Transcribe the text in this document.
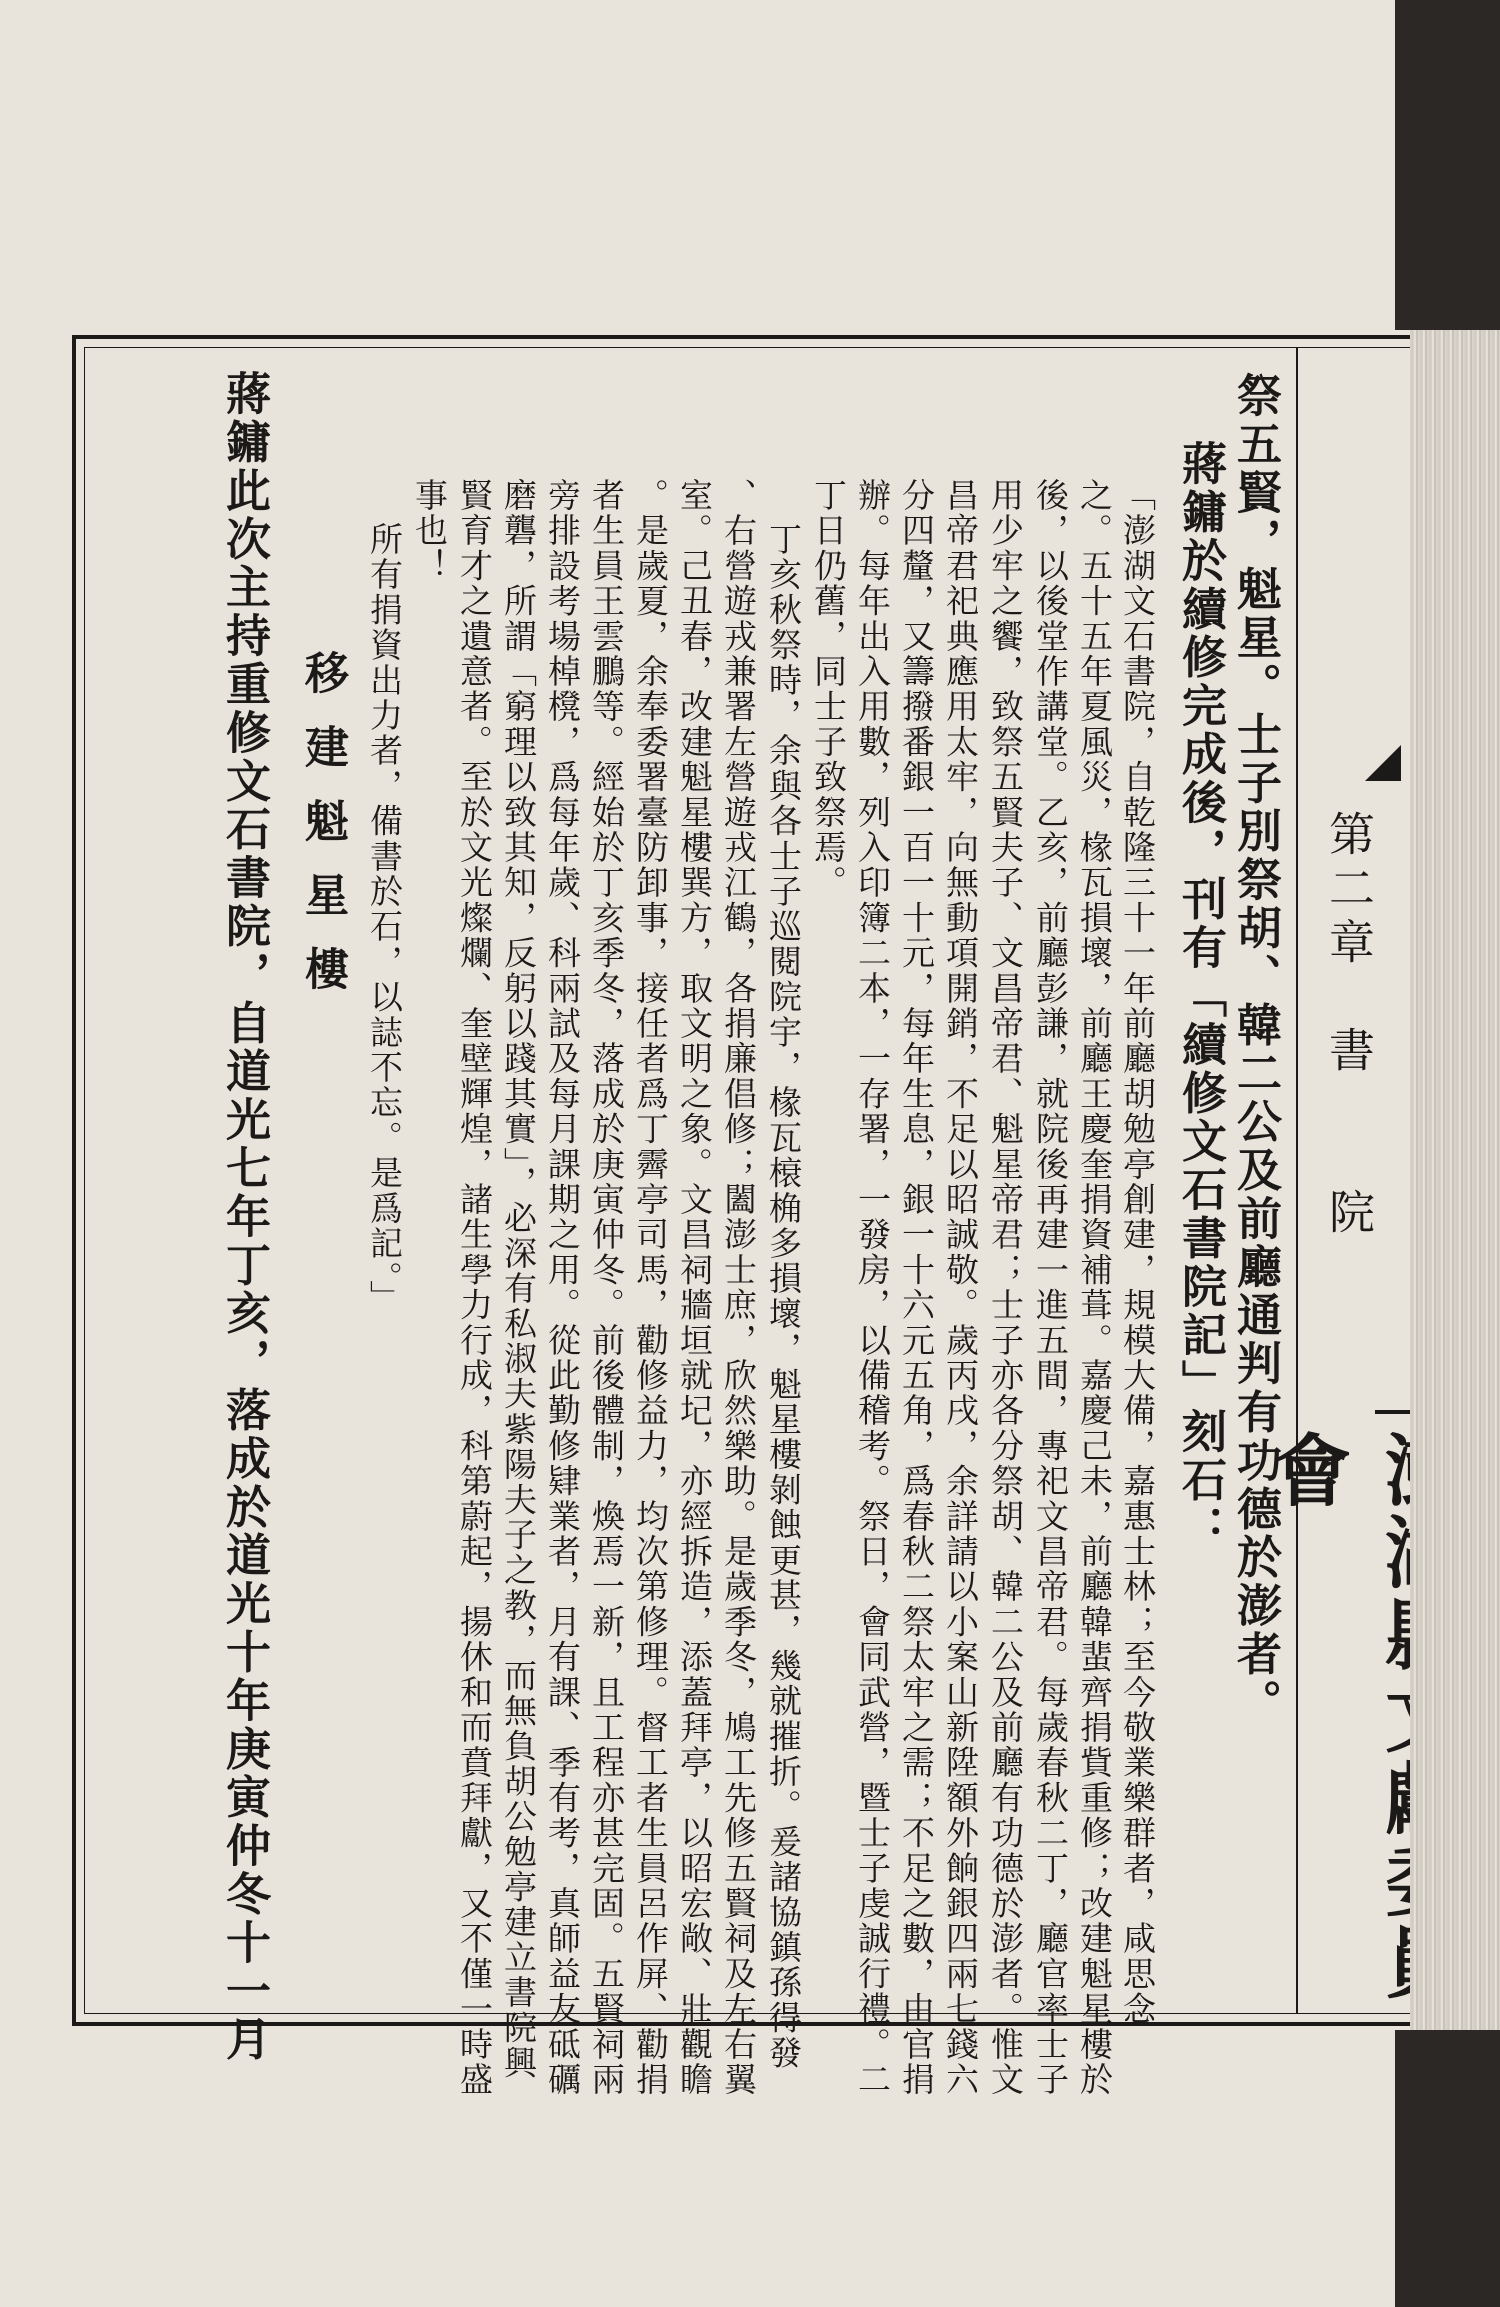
第二章　書　　院
會
祭五賢，魁星。士子別祭胡、韓二公及前廳通判有功德於澎者。
蔣鏞於續修完成後，刊有「續修文石書院記」刻石：
「澎湖文石書院，自乾隆三十一年前廳胡勉亭創建，規模大備，嘉惠士林；至今敬業樂群者，咸思念
之。五十五年夏風災，椽瓦損壞，前廳王慶奎捐資補葺。嘉慶己未，前廳韓蜚齊捐貲重修；改建魁星樓於
後，以後堂作講堂。乙亥，前廳彭謙，就院後再建一進五間，專祀文昌帝君。每歲春秋二丁，廳官率士子
用少牢之饗，致祭五賢夫子、文昌帝君、魁星帝君；士子亦各分祭胡、韓二公及前廳有功德於澎者。惟文
昌帝君祀典應用太牢，向無動項開銷，不足以昭誠敬。歲丙戌，余詳請以小案山新陞額外餉銀四兩七錢六
分四釐，又籌撥番銀一百一十元，每年生息，銀一十六元五角，爲春秋二祭太牢之需；不足之數，由官捐
辦。每年出入用數，列入印簿二本，一存署，一發房，以備稽考。祭日，會同武營，暨士子虔誠行禮。二
丁日仍舊，同士子致祭焉。
丁亥秋祭時，余與各士子巡閱院宇，椽瓦榱桷多損壞，魁星樓剝蝕更甚，幾就摧折。爰諸協鎮孫得發
、右營遊戎兼署左營遊戎江鶴，各捐廉倡修；闔澎士庶，欣然樂助。是歲季冬，鳩工先修五賢祠及左右翼
室。己丑春，改建魁星樓巽方，取文明之象。文昌祠牆垣就圮，亦經拆造，添蓋拜亭，以昭宏敞、壯觀瞻
。是歲夏，余奉委署臺防卸事，接任者爲丁霽亭司馬，勸修益力，均次第修理。督工者生員呂作屏、勸捐
者生員王雲鵬等。經始於丁亥季冬，落成於庚寅仲冬。前後體制，煥焉一新，且工程亦甚完固。五賢祠兩
旁排設考場棹櫈，爲每年歲、科兩試及每月課期之用。從此勤修肄業者，月有課、季有考，真師益友砥礪
磨礱，所謂「窮理以致其知，反躬以踐其實」，必深有私淑夫紫陽夫子之教，而無負胡公勉亭建立書院興
賢育才之遺意者。至於文光燦爛、奎壁輝煌，諸生學力行成，科第蔚起，揚休和而賁拜獻，又不僅一時盛
事也！
所有捐資出力者，備書於石，以誌不忘。是爲記。」
移建魁星樓
蔣鏞此次主持重修文石書院，自道光七年丁亥，落成於道光十年庚寅仲冬十一月
